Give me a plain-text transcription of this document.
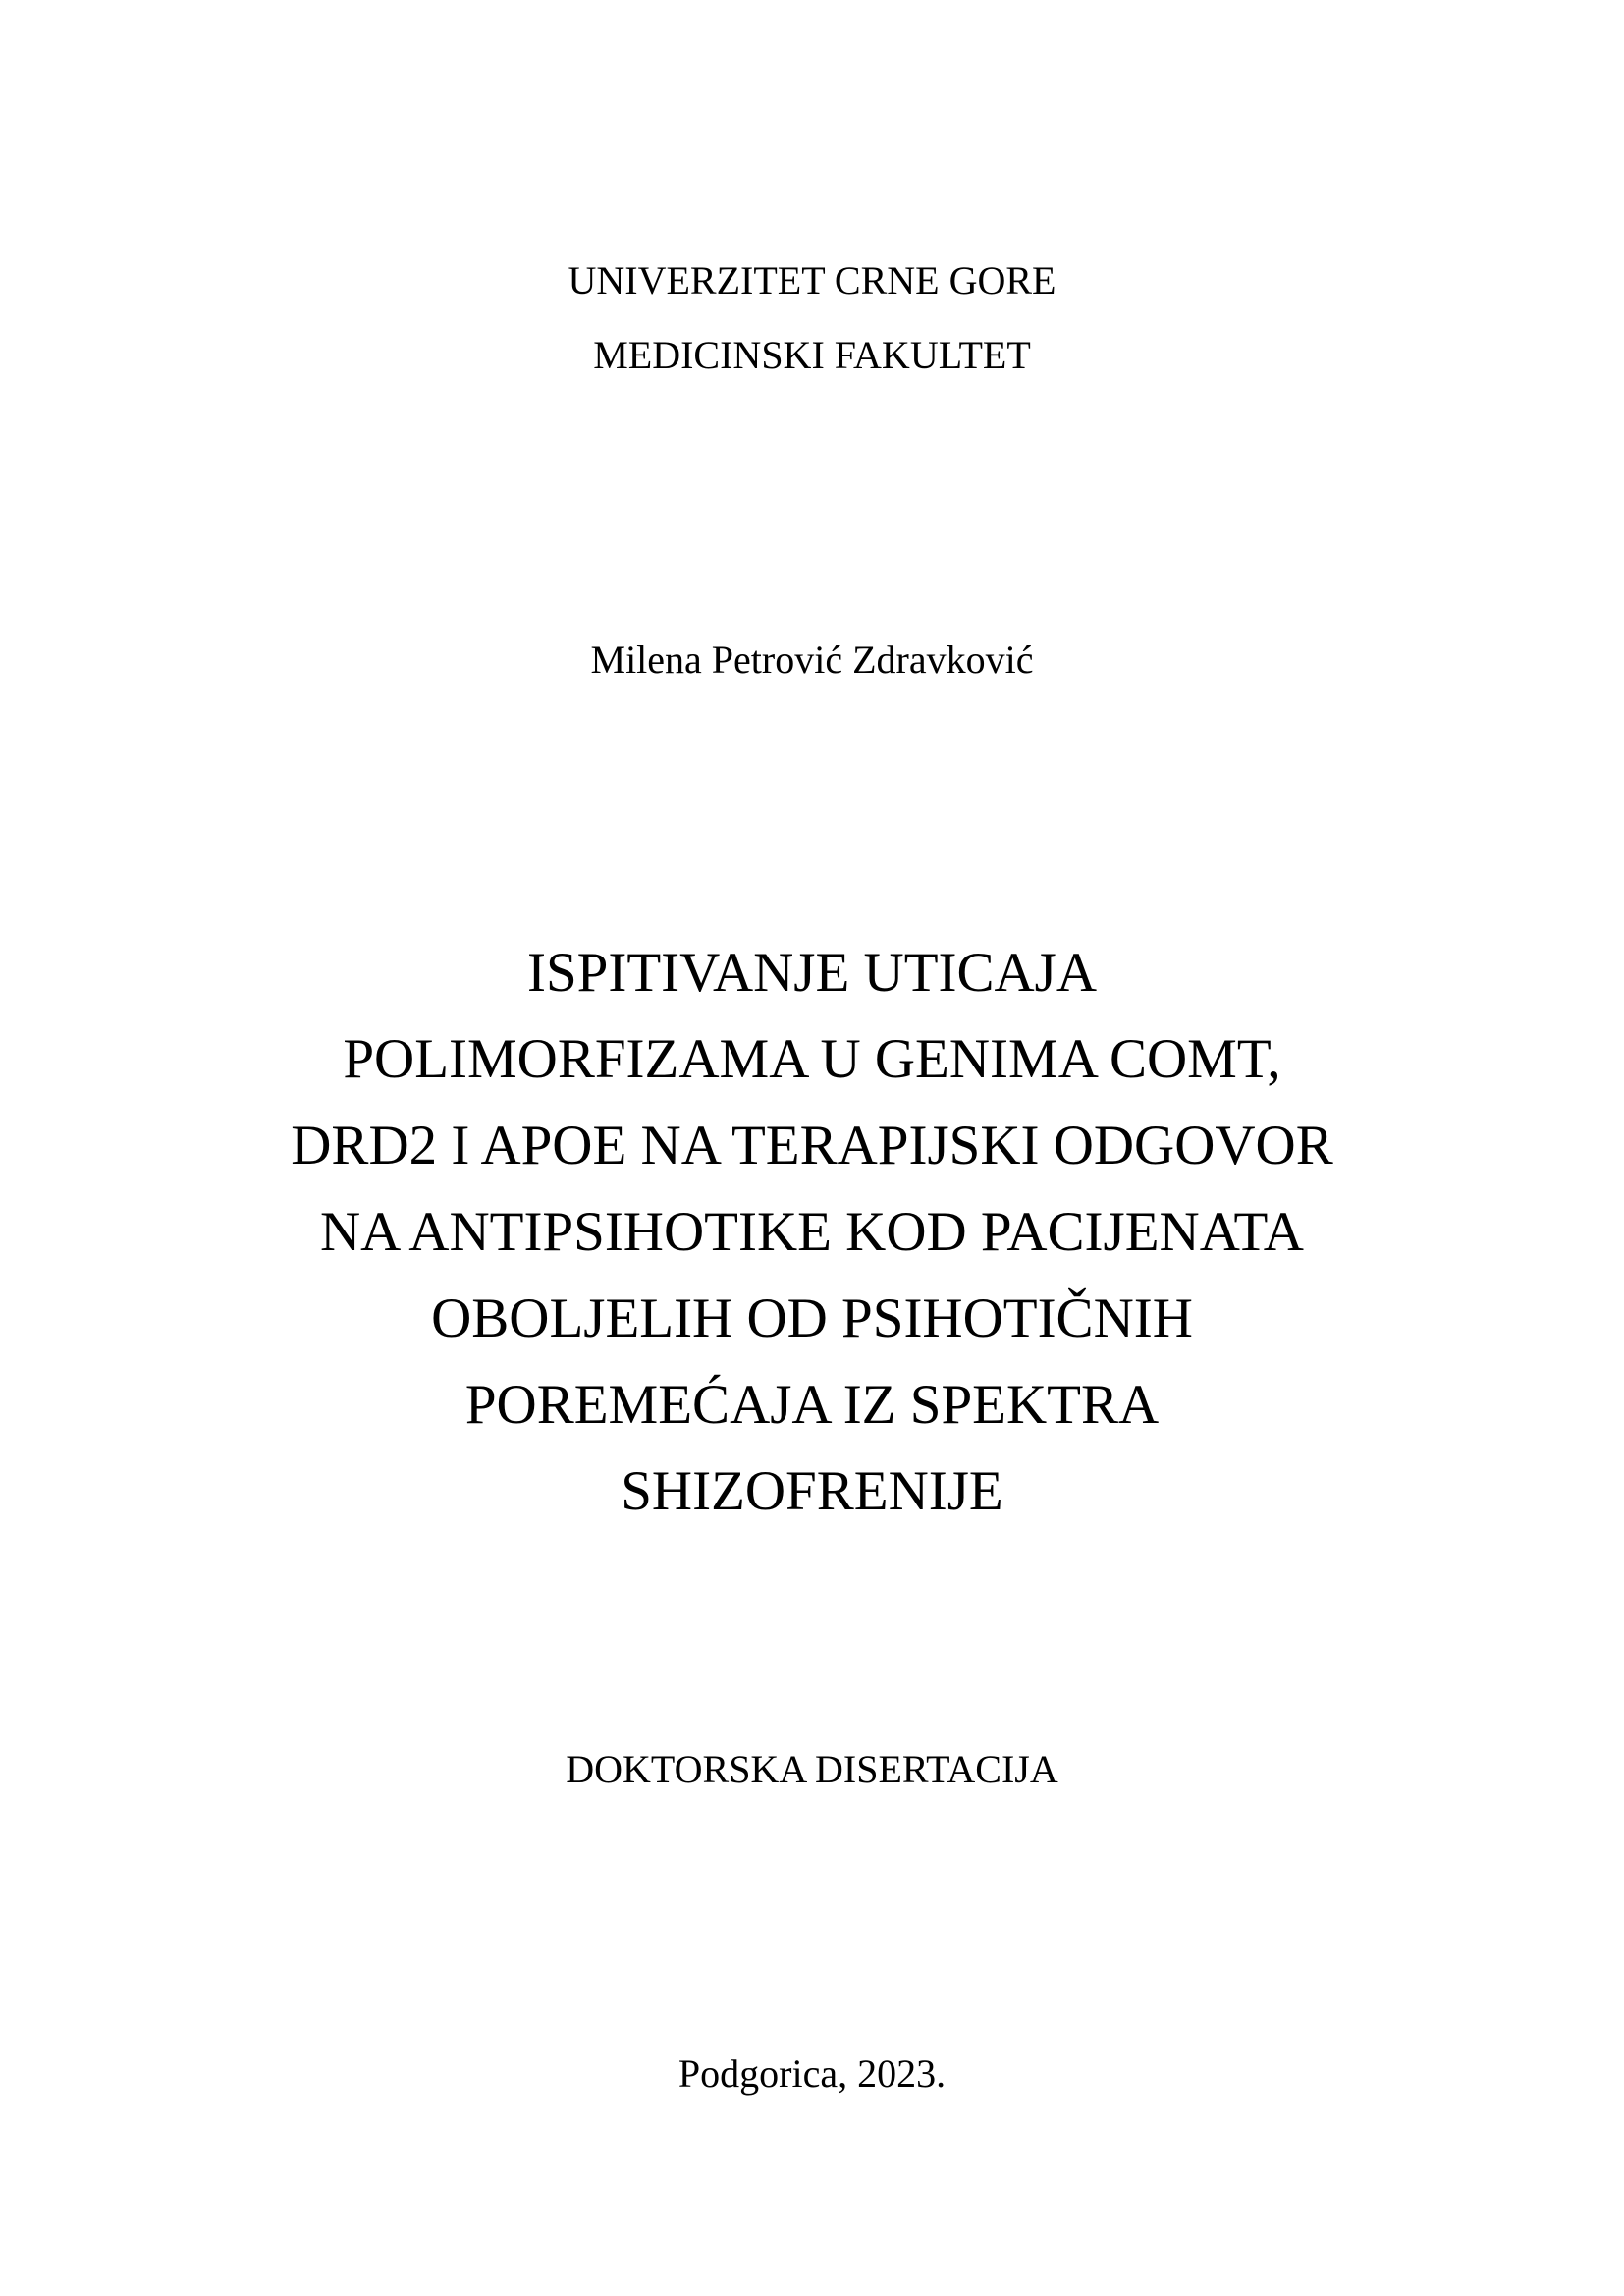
UNIVERZITET CRNE GORE
MEDICINSKI FAKULTET
Milena Petrović Zdravković
ISPITIVANJE UTICAJA
POLIMORFIZAMA U GENIMA COMT,
DRD2 I APOE NA TERAPIJSKI ODGOVOR
NA ANTIPSIHOTIKE KOD PACIJENATA
OBOLJELIH OD PSIHOTIČNIH
POREMEĆAJA IZ SPEKTRA
SHIZOFRENIJE
DOKTORSKA DISERTACIJA
Podgorica, 2023.
